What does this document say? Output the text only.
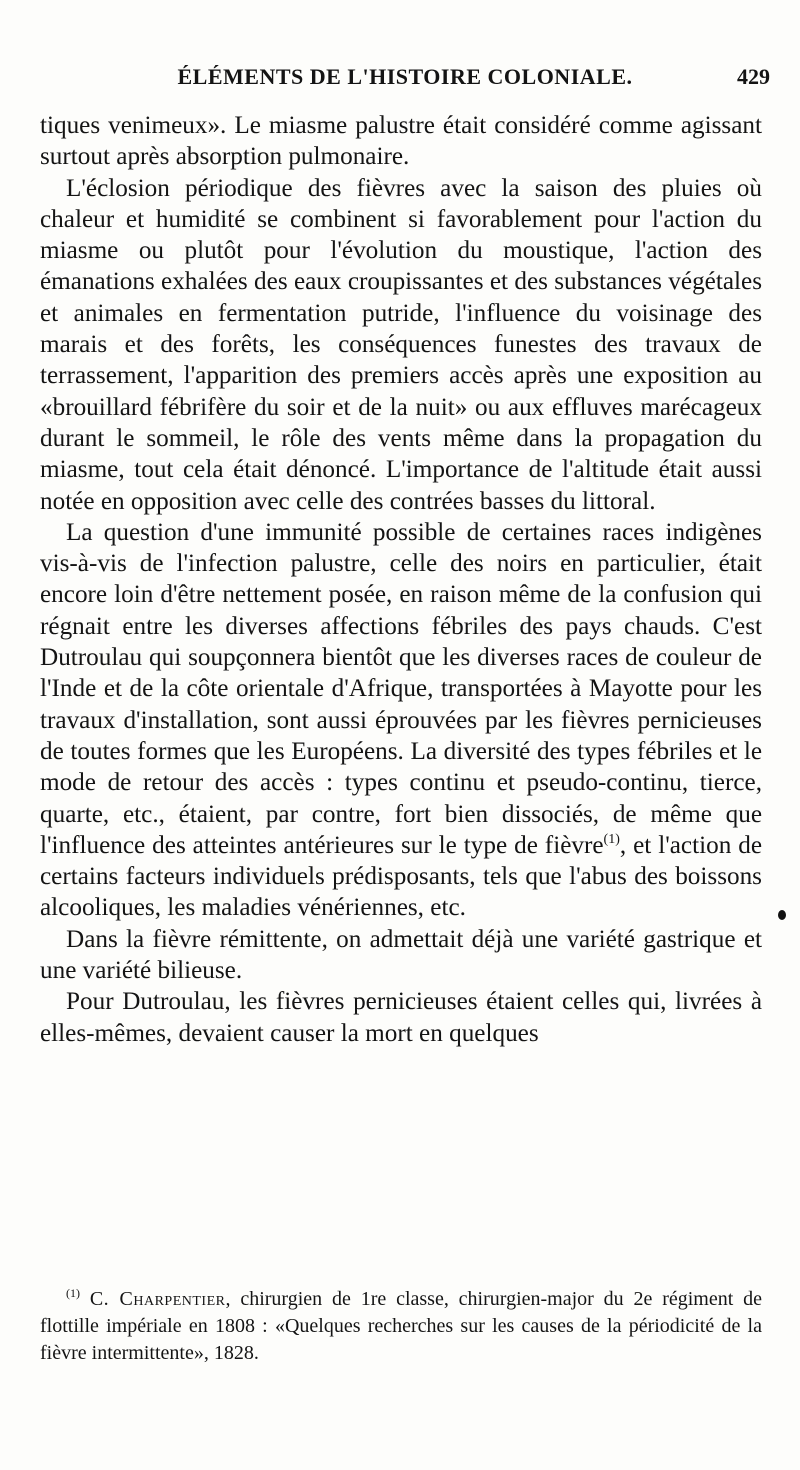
ÉLÉMENTS DE L'HISTOIRE COLONIALE.	429

tiques venimeux». Le miasme palustre était considéré comme agissant surtout après absorption pulmonaire.

L'éclosion périodique des fièvres avec la saison des pluies où chaleur et humidité se combinent si favorablement pour l'action du miasme ou plutôt pour l'évolution du moustique, l'action des émanations exhalées des eaux croupissantes et des substances végétales et animales en fermentation putride, l'influence du voisinage des marais et des forêts, les conséquences funestes des travaux de terrassement, l'apparition des premiers accès après une exposition au «brouillard fébrifère du soir et de la nuit» ou aux effluves marécageux durant le sommeil, le rôle des vents même dans la propagation du miasme, tout cela était dénoncé. L'importance de l'altitude était aussi notée en opposition avec celle des contrées basses du littoral.

La question d'une immunité possible de certaines races indigènes vis-à-vis de l'infection palustre, celle des noirs en particulier, était encore loin d'être nettement posée, en raison même de la confusion qui régnait entre les diverses affections fébriles des pays chauds. C'est Dutroulau qui soupçonnera bientôt que les diverses races de couleur de l'Inde et de la côte orientale d'Afrique, transportées à Mayotte pour les travaux d'installation, sont aussi éprouvées par les fièvres pernicieuses de toutes formes que les Européens. La diversité des types fébriles et le mode de retour des accès : types continu et pseudo-continu, tierce, quarte, etc., étaient, par contre, fort bien dissociés, de même que l'influence des atteintes antérieures sur le type de fièvre$^{(1)}$, et l'action de certains facteurs individuels prédisposants, tels que l'abus des boissons alcooliques, les maladies vénériennes, etc.

Dans la fièvre rémittente, on admettait déjà une variété gastrique et une variété bilieuse.

Pour Dutroulau, les fièvres pernicieuses étaient celles qui, livrées à elles-mêmes, devaient causer la mort en quelques

$^{(1)}$ C. Charpentier, chirurgien de 1re classe, chirurgien-major du 2e régiment de flottille impériale en 1808 : «Quelques recherches sur les causes de la périodicité de la fièvre intermittente», 1828.
